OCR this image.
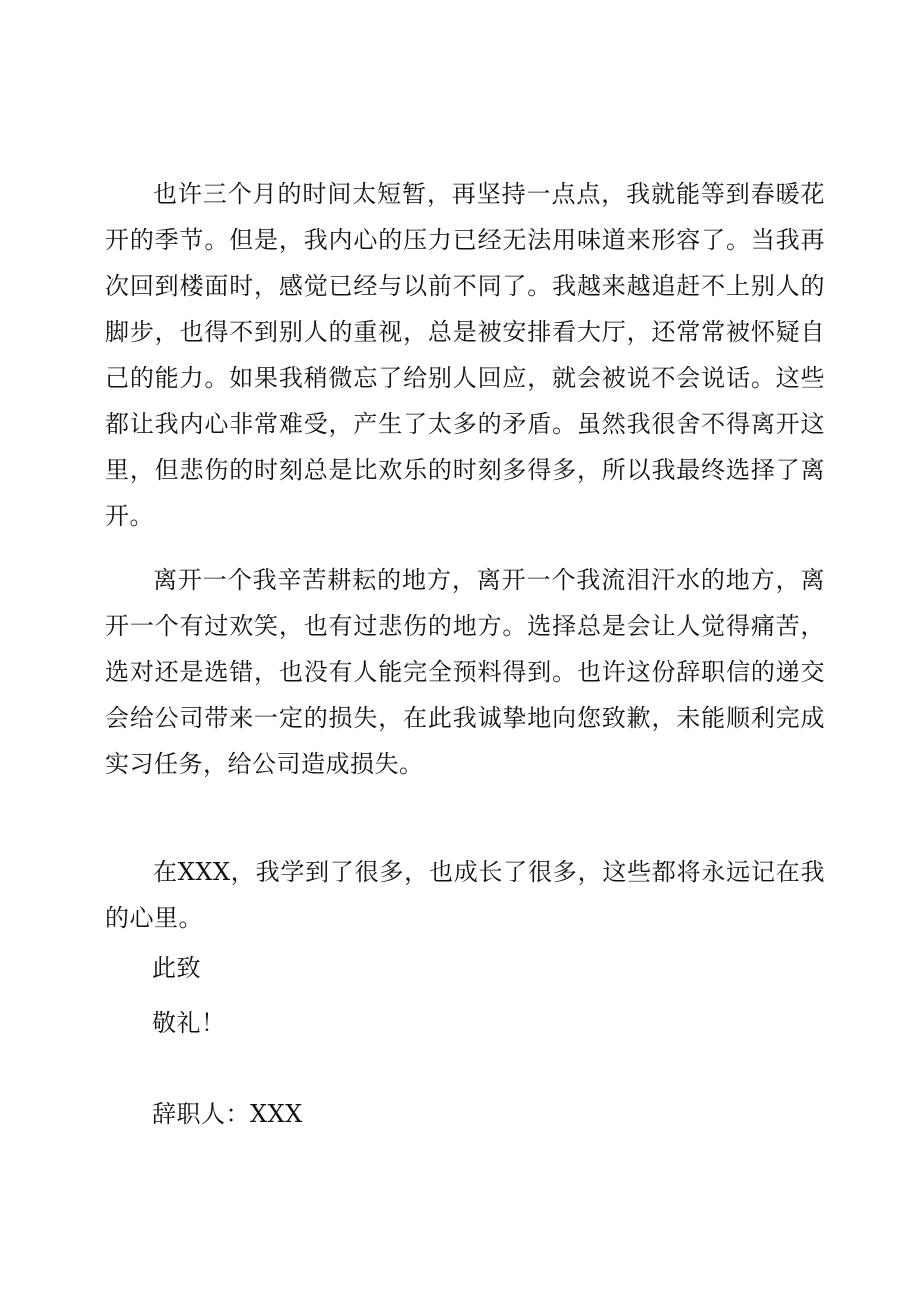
也许三个月的时间太短暂，再坚持一点点，我就能等到春暖花开的季节。但是，我内心的压力已经无法用味道来形容了。当我再次回到楼面时，感觉已经与以前不同了。我越来越追赶不上别人的脚步，也得不到别人的重视，总是被安排看大厅，还常常被怀疑自己的能力。如果我稍微忘了给别人回应，就会被说不会说话。这些都让我内心非常难受，产生了太多的矛盾。虽然我很舍不得离开这里，但悲伤的时刻总是比欢乐的时刻多得多，所以我最终选择了离开。

离开一个我辛苦耕耘的地方，离开一个我流泪汗水的地方，离开一个有过欢笑，也有过悲伤的地方。选择总是会让人觉得痛苦，选对还是选错，也没有人能完全预料得到。也许这份辞职信的递交会给公司带来一定的损失，在此我诚挚地向您致歉，未能顺利完成实习任务，给公司造成损失。

在XXX，我学到了很多，也成长了很多，这些都将永远记在我的心里。

此致

敬礼！

辞职人：XXX
